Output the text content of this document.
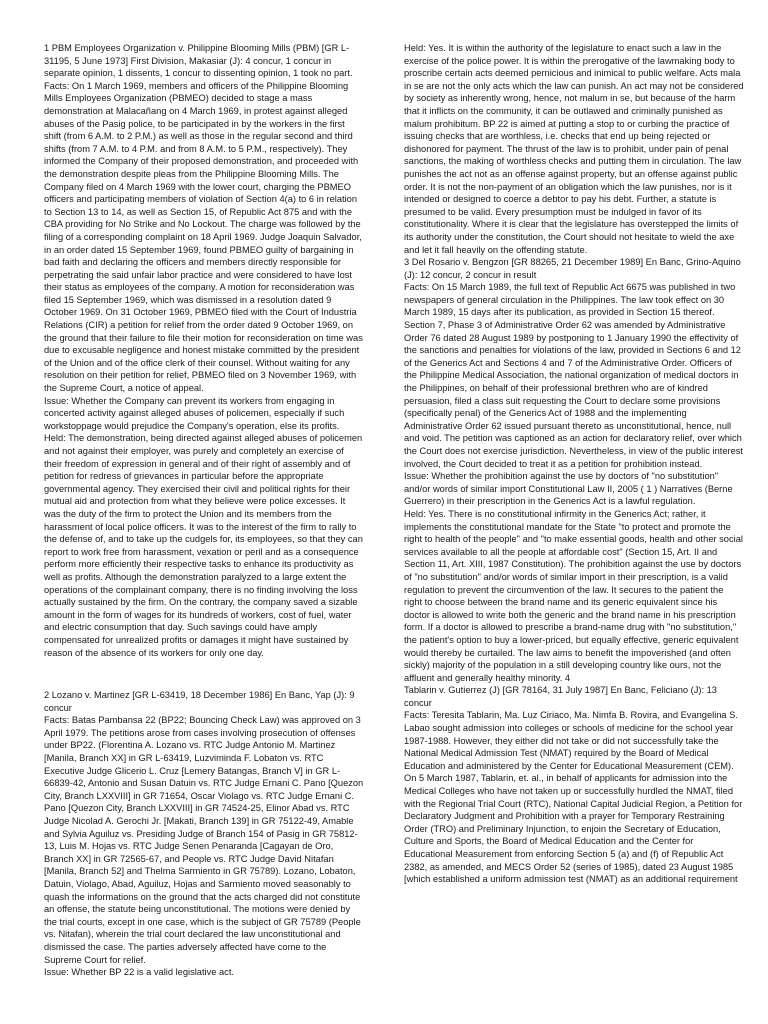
1 PBM Employees Organization v. Philippine Blooming Mills (PBM) [GR L-31195, 5 June 1973] First Division, Makasiar (J): 4 concur, 1 concur in separate opinion, 1 dissents, 1 concur to dissenting opinion, 1 took no part.

Facts: On 1 March 1969, members and officers of the Philippine Blooming Mills Employees Organization (PBMEO) decided to stage a mass demonstration at Malacañang on 4 March 1969, in protest against alleged abuses of the Pasig police, to be participated in by the workers in the first shift (from 6 A.M. to 2 P.M.) as well as those in the regular second and third shifts (from 7 A.M. to 4 P.M. and from 8 A.M. to 5 P.M., respectively). They informed the Company of their proposed demonstration, and proceeded with the demonstration despite pleas from the Philippine Blooming Mills. The Company filed on 4 March 1969 with the lower court, charging the PBMEO officers and participating members of violation of Section 4(a) to 6 in relation to Section 13 to 14, as well as Section 15, of Republic Act 875 and with the CBA providing for No Strike and No Lockout. The charge was followed by the filing of a corresponding complaint on 18 April 1969. Judge Joaquin Salvador, in an order dated 15 September 1969, found PBMEO guilty of bargaining in bad faith and declaring the officers and members directly responsible for perpetrating the said unfair labor practice and were considered to have lost their status as employees of the company. A motion for reconsideration was filed 15 September 1969, which was dismissed in a resolution dated 9 October 1969. On 31 October 1969, PBMEO filed with the Court of Industria Relations (CIR) a petition for relief from the order dated 9 October 1969, on the ground that their failure to file their motion for reconsideration on time was due to excusable negligence and honest mistake committed by the president of the Union and of the office clerk of their counsel. Without waiting for any resolution on their petition for relief, PBMEO filed on 3 November 1969, with the Supreme Court, a notice of appeal.

Issue: Whether the Company can prevent its workers from engaging in concerted activity against alleged abuses of policemen, especially if such workstoppage would prejudice the Company's operation, else its profits.

Held: The demonstration, being directed against alleged abuses of policemen and not against their employer, was purely and completely an exercise of their freedom of expression in general and of their right of assembly and of petition for redress of grievances in particular before the appropriate governmental agency. They exercised their civil and political rights for their mutual aid and protection from what they believe were police excesses. It was the duty of the firm to protect the Union and its members from the harassment of local police officers. It was to the interest of the firm to rally to the defense of, and to take up the cudgels for, its employees, so that they can report to work free from harassment, vexation or peril and as a consequence perform more efficiently their respective tasks to enhance its productivity as well as profits. Although the demonstration paralyzed to a large extent the operations of the complainant company, there is no finding involving the loss actually sustained by the firm. On the contrary, the company saved a sizable amount in the form of wages for its hundreds of workers, cost of fuel, water and electric consumption that day. Such savings could have amply compensated for unrealized profits or damages it might have sustained by reason of the absence of its workers for only one day.

2 Lozano v. Martinez [GR L-63419, 18 December 1986] En Banc, Yap (J): 9 concur

Facts: Batas Pambansa 22 (BP22; Bouncing Check Law) was approved on 3 April 1979. The petitions arose from cases involving prosecution of offenses under BP22. (Florentina A. Lozano vs. RTC Judge Antonio M. Martinez [Manila, Branch XX] in GR L-63419, Luzviminda F. Lobaton vs. RTC Executive Judge Glicerio L. Cruz [Lemery Batangas, Branch V] in GR L-66839-42, Antonio and Susan Datuin vs. RTC Judge Ernani C. Pano [Quezon City, Branch LXXVIII] in GR 71654, Oscar Violago vs. RTC Judge Ernani C. Pano [Quezon City, Branch LXXVIII] in GR 74524-25, Elinor Abad vs. RTC Judge Nicolad A. Gerochi Jr. [Makati, Branch 139] in GR 75122-49, Amable and Sylvia Aguiluz vs. Presiding Judge of Branch 154 of Pasig in GR 75812-13, Luis M. Hojas vs. RTC Judge Senen Penaranda [Cagayan de Oro, Branch XX] in GR 72565-67, and People vs. RTC Judge David Nitafan [Manila, Branch 52] and Thelma Sarmiento in GR 75789). Lozano, Lobaton, Datuin, Violago, Abad, Aguiluz, Hojas and Sarmiento moved seasonably to quash the informations on the ground that the acts charged did not constitute an offense, the statute being unconstitutional. The motions were denied by the trial courts, except in one case, which is the subject of GR 75789 (People vs. Nitafan), wherein the trial court declared the law unconstitutional and dismissed the case. The parties adversely affected have come to the Supreme Court for relief.

Issue: Whether BP 22 is a valid legislative act.

Held: Yes. It is within the authority of the legislature to enact such a law in the exercise of the police power. It is within the prerogative of the lawmaking body to proscribe certain acts deemed pernicious and inimical to public welfare. Acts mala in se are not the only acts which the law can punish. An act may not be considered by society as inherently wrong, hence, not malum in se, but because of the harm that it inflicts on the community, it can be outlawed and criminally punished as malum prohibitum. BP 22 is aimed at putting a stop to or curbing the practice of issuing checks that are worthless, i.e. checks that end up being rejected or dishonored for payment. The thrust of the law is to prohibit, under pain of penal sanctions, the making of worthless checks and putting them in circulation. The law punishes the act not as an offense against property, but an offense against public order. It is not the non-payment of an obligation which the law punishes, nor is it intended or designed to coerce a debtor to pay his debt. Further, a statute is presumed to be valid. Every presumption must be indulged in favor of its constitutionality. Where it is clear that the legislature has overstepped the limits of its authority under the constitution, the Court should not hesitate to wield the axe and let it fall heavily on the offending statute.

3 Del Rosario v. Bengzon [GR 88265, 21 December 1989] En Banc, Grino-Aquino (J): 12 concur, 2 concur in result

Facts: On 15 March 1989, the full text of Republic Act 6675 was published in two newspapers of general circulation in the Philippines. The law took effect on 30 March 1989, 15 days after its publication, as provided in Section 15 thereof. Section 7, Phase 3 of Administrative Order 62 was amended by Administrative Order 76 dated 28 August 1989 by postponing to 1 January 1990 the effectivity of the sanctions and penalties for violations of the law, provided in Sections 6 and 12 of the Generics Act and Sections 4 and 7 of the Administrative Order. Officers of the Philippine Medical Association, the national organization of medical doctors in the Philippines, on behalf of their professional brethren who are of kindred persuasion, filed a class suit requesting the Court to declare some provisions (specifically penal) of the Generics Act of 1988 and the implementing Administrative Order 62 issued pursuant thereto as unconstitutional, hence, null and void. The petition was captioned as an action for declaratory relief, over which the Court does not exercise jurisdiction. Nevertheless, in view of the public interest involved, the Court decided to treat it as a petition for prohibition instead.

Issue: Whether the prohibition against the use by doctors of "no substitution" and/or words of similar import Constitutional Law II, 2005 ( 1 ) Narratives (Berne Guerrero) in their prescription in the Generics Act is a lawful regulation.

Held: Yes. There is no constitutional infirmity in the Generics Act; rather, it implements the constitutional mandate for the State "to protect and promote the right to health of the people" and "to make essential goods, health and other social services available to all the people at affordable cost" (Section 15, Art. II and Section 11, Art. XIII, 1987 Constitution). The prohibition against the use by doctors of "no substitution" and/or words of similar import in their prescription, is a valid regulation to prevent the circumvention of the law. It secures to the patient the right to choose between the brand name and its generic equivalent since his doctor is allowed to write both the generic and the brand name in his prescription form. If a doctor is allowed to prescribe a brand-name drug with "no substitution," the patient's option to buy a lower-priced, but equally effective, generic equivalent would thereby be curtailed. The law aims to benefit the impoverished (and often sickly) majority of the population in a still developing country like ours, not the affluent and generally healthy minority. 4

Tablarin v. Gutierrez (J) [GR 78164, 31 July 1987] En Banc, Feliciano (J): 13 concur

Facts: Teresita Tablarin, Ma. Luz Ciriaco, Ma. Nimfa B. Rovira, and Evangelina S. Labao sought admission into colleges or schools of medicine for the school year 1987-1988. However, they either did not take or did not successfully take the National Medical Admission Test (NMAT) required by the Board of Medical Education and administered by the Center for Educational Measurement (CEM). On 5 March 1987, Tablarin, et. al., in behalf of applicants for admission into the Medical Colleges who have not taken up or successfully hurdled the NMAT, filed with the Regional Trial Court (RTC), National Capital Judicial Region, a Petition for Declaratory Judgment and Prohibition with a prayer for Temporary Restraining Order (TRO) and Preliminary Injunction, to enjoin the Secretary of Education, Culture and Sports, the Board of Medical Education and the Center for Educational Measurement from enforcing Section 5 (a) and (f) of Republic Act 2382, as amended, and MECS Order 52 (series of 1985), dated 23 August 1985 [which established a uniform admission test (NMAT) as an additional requirement
